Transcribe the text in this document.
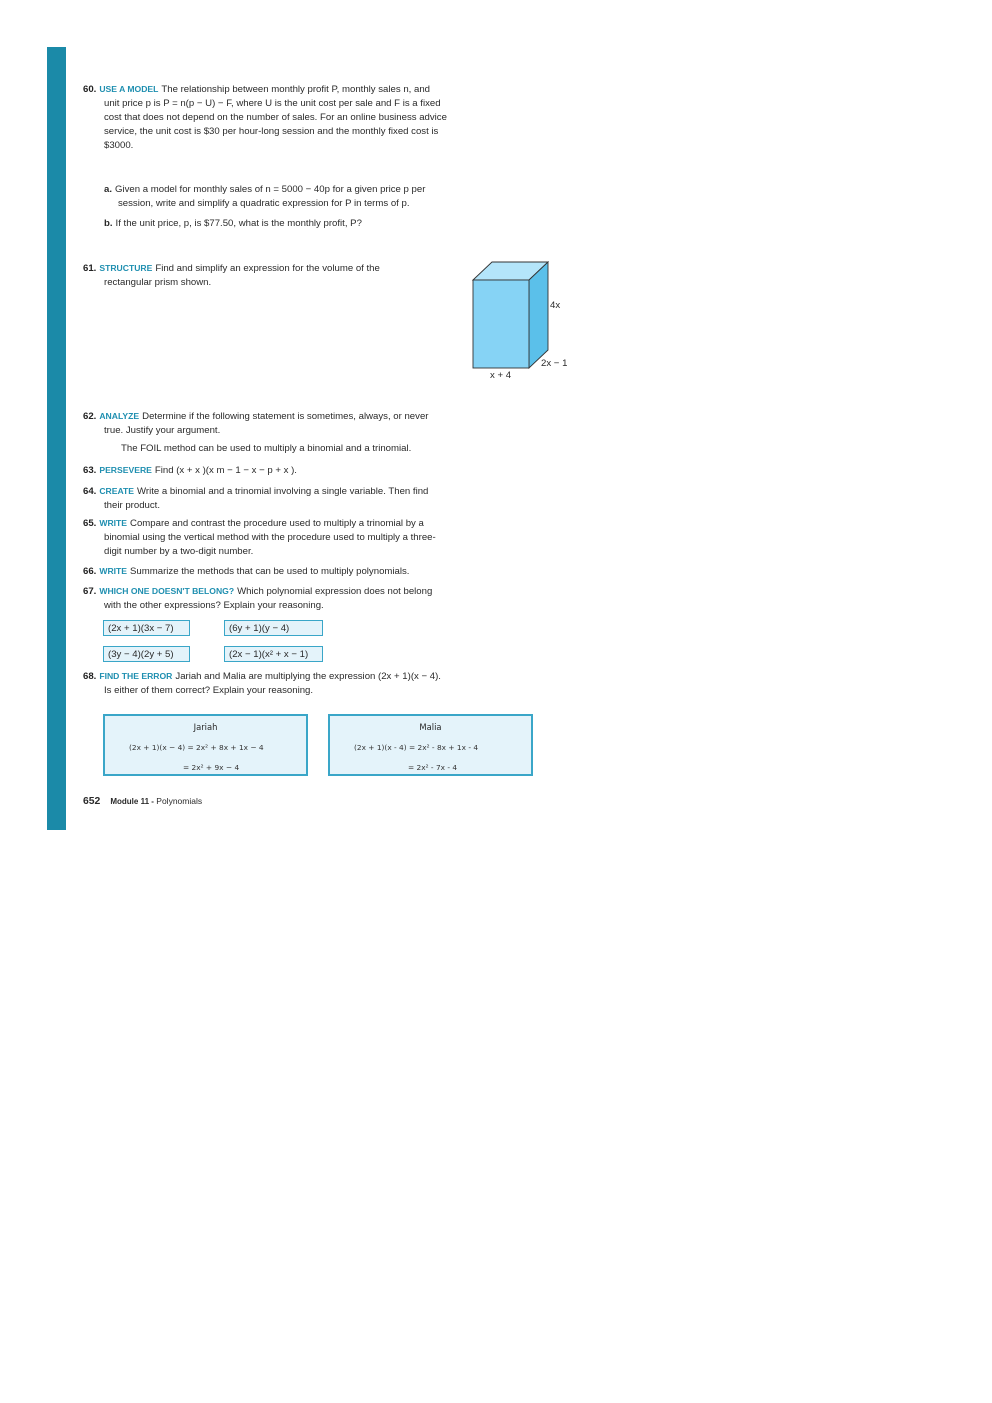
60. USE A MODEL The relationship between monthly profit P, monthly sales n, and
unit price p is P = n(p − U) − F, where U is the unit cost per sale and F is a fixed
cost that does not depend on the number of sales. For an online business advice
service, the unit cost is $30 per hour-long session and the monthly fixed cost is
$3000.
a. Given a model for monthly sales of n = 5000 − 40p for a given price p per
session, write and simplify a quadratic expression for P in terms of p.
b. If the unit price, p, is $77.50, what is the monthly profit, P?
61. STRUCTURE Find and simplify an expression for the volume of the
rectangular prism shown.
4x
2x − 1
x + 4
62. ANALYZE Determine if the following statement is sometimes, always, or never
true. Justify your argument.
The FOIL method can be used to multiply a binomial and a trinomial.
63. PERSEVERE Find (x + x )(x m − 1 − x − p + x ).
64. CREATE Write a binomial and a trinomial involving a single variable. Then find
their product.
65. WRITE Compare and contrast the procedure used to multiply a trinomial by a
binomial using the vertical method with the procedure used to multiply a three-
digit number by a two-digit number.
66. WRITE Summarize the methods that can be used to multiply polynomials.
67. WHICH ONE DOESN'T BELONG? Which polynomial expression does not belong
with the other expressions? Explain your reasoning.
(2x + 1)(3x − 7)	(6y + 1)(y − 4)
(3y − 4)(2y + 5)	(2x − 1)(x² + x − 1)
68. FIND THE ERROR Jariah and Malia are multiplying the expression (2x + 1)(x − 4).
Is either of them correct? Explain your reasoning.
Jariah
(2x + 1)(x − 4) = 2x² + 8x + 1x − 4
= 2x² + 9x − 4
Malia
(2x + 1)(x - 4) = 2x² - 8x + 1x - 4
= 2x² - 7x - 4
652 Module 11 - Polynomials
